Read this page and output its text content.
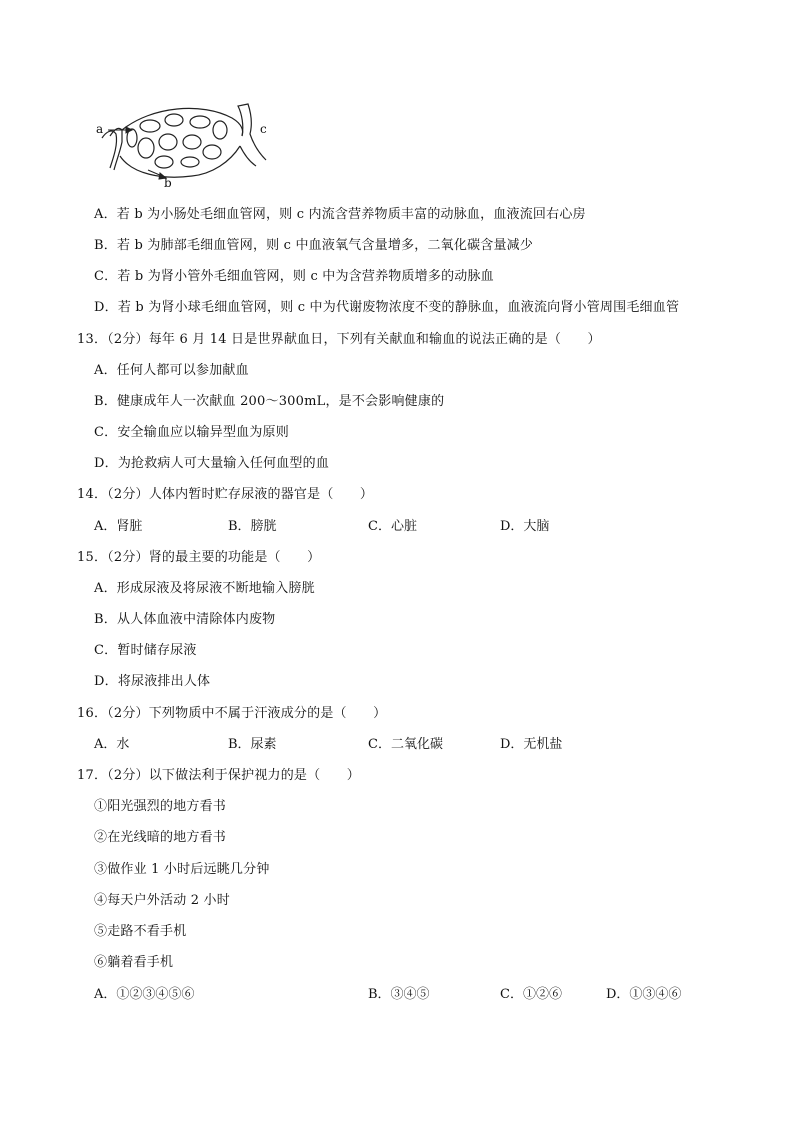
a
b
c
A．若 b 为小肠处毛细血管网，则 c 内流含营养物质丰富的动脉血，血液流回右心房
B．若 b 为肺部毛细血管网，则 c 中血液氧气含量增多，二氧化碳含量减少
C．若 b 为肾小管外毛细血管网，则 c 中为含营养物质增多的动脉血
D．若 b 为肾小球毛细血管网，则 c 中为代谢废物浓度不变的静脉血，血液流向肾小管周围毛细血管
13．（2分）每年 6 月 14 日是世界献血日，下列有关献血和输血的说法正确的是（　　）
A．任何人都可以参加献血
B．健康成年人一次献血 200～300mL，是不会影响健康的
C．安全输血应以输异型血为原则
D．为抢救病人可大量输入任何血型的血
14．（2分）人体内暂时贮存尿液的器官是（　　）
A．肾脏	B．膀胱	C．心脏	D．大脑
15．（2分）肾的最主要的功能是（　　）
A．形成尿液及将尿液不断地输入膀胱
B．从人体血液中清除体内废物
C．暂时储存尿液
D．将尿液排出人体
16．（2分）下列物质中不属于汗液成分的是（　　）
A．水	B．尿素	C．二氧化碳	D．无机盐
17．（2分）以下做法利于保护视力的是（　　）
①阳光强烈的地方看书
②在光线暗的地方看书
③做作业 1 小时后远眺几分钟
④每天户外活动 2 小时
⑤走路不看手机
⑥躺着看手机
A．①②③④⑤⑥	B．③④⑤	C．①②⑥	D．①③④⑥
